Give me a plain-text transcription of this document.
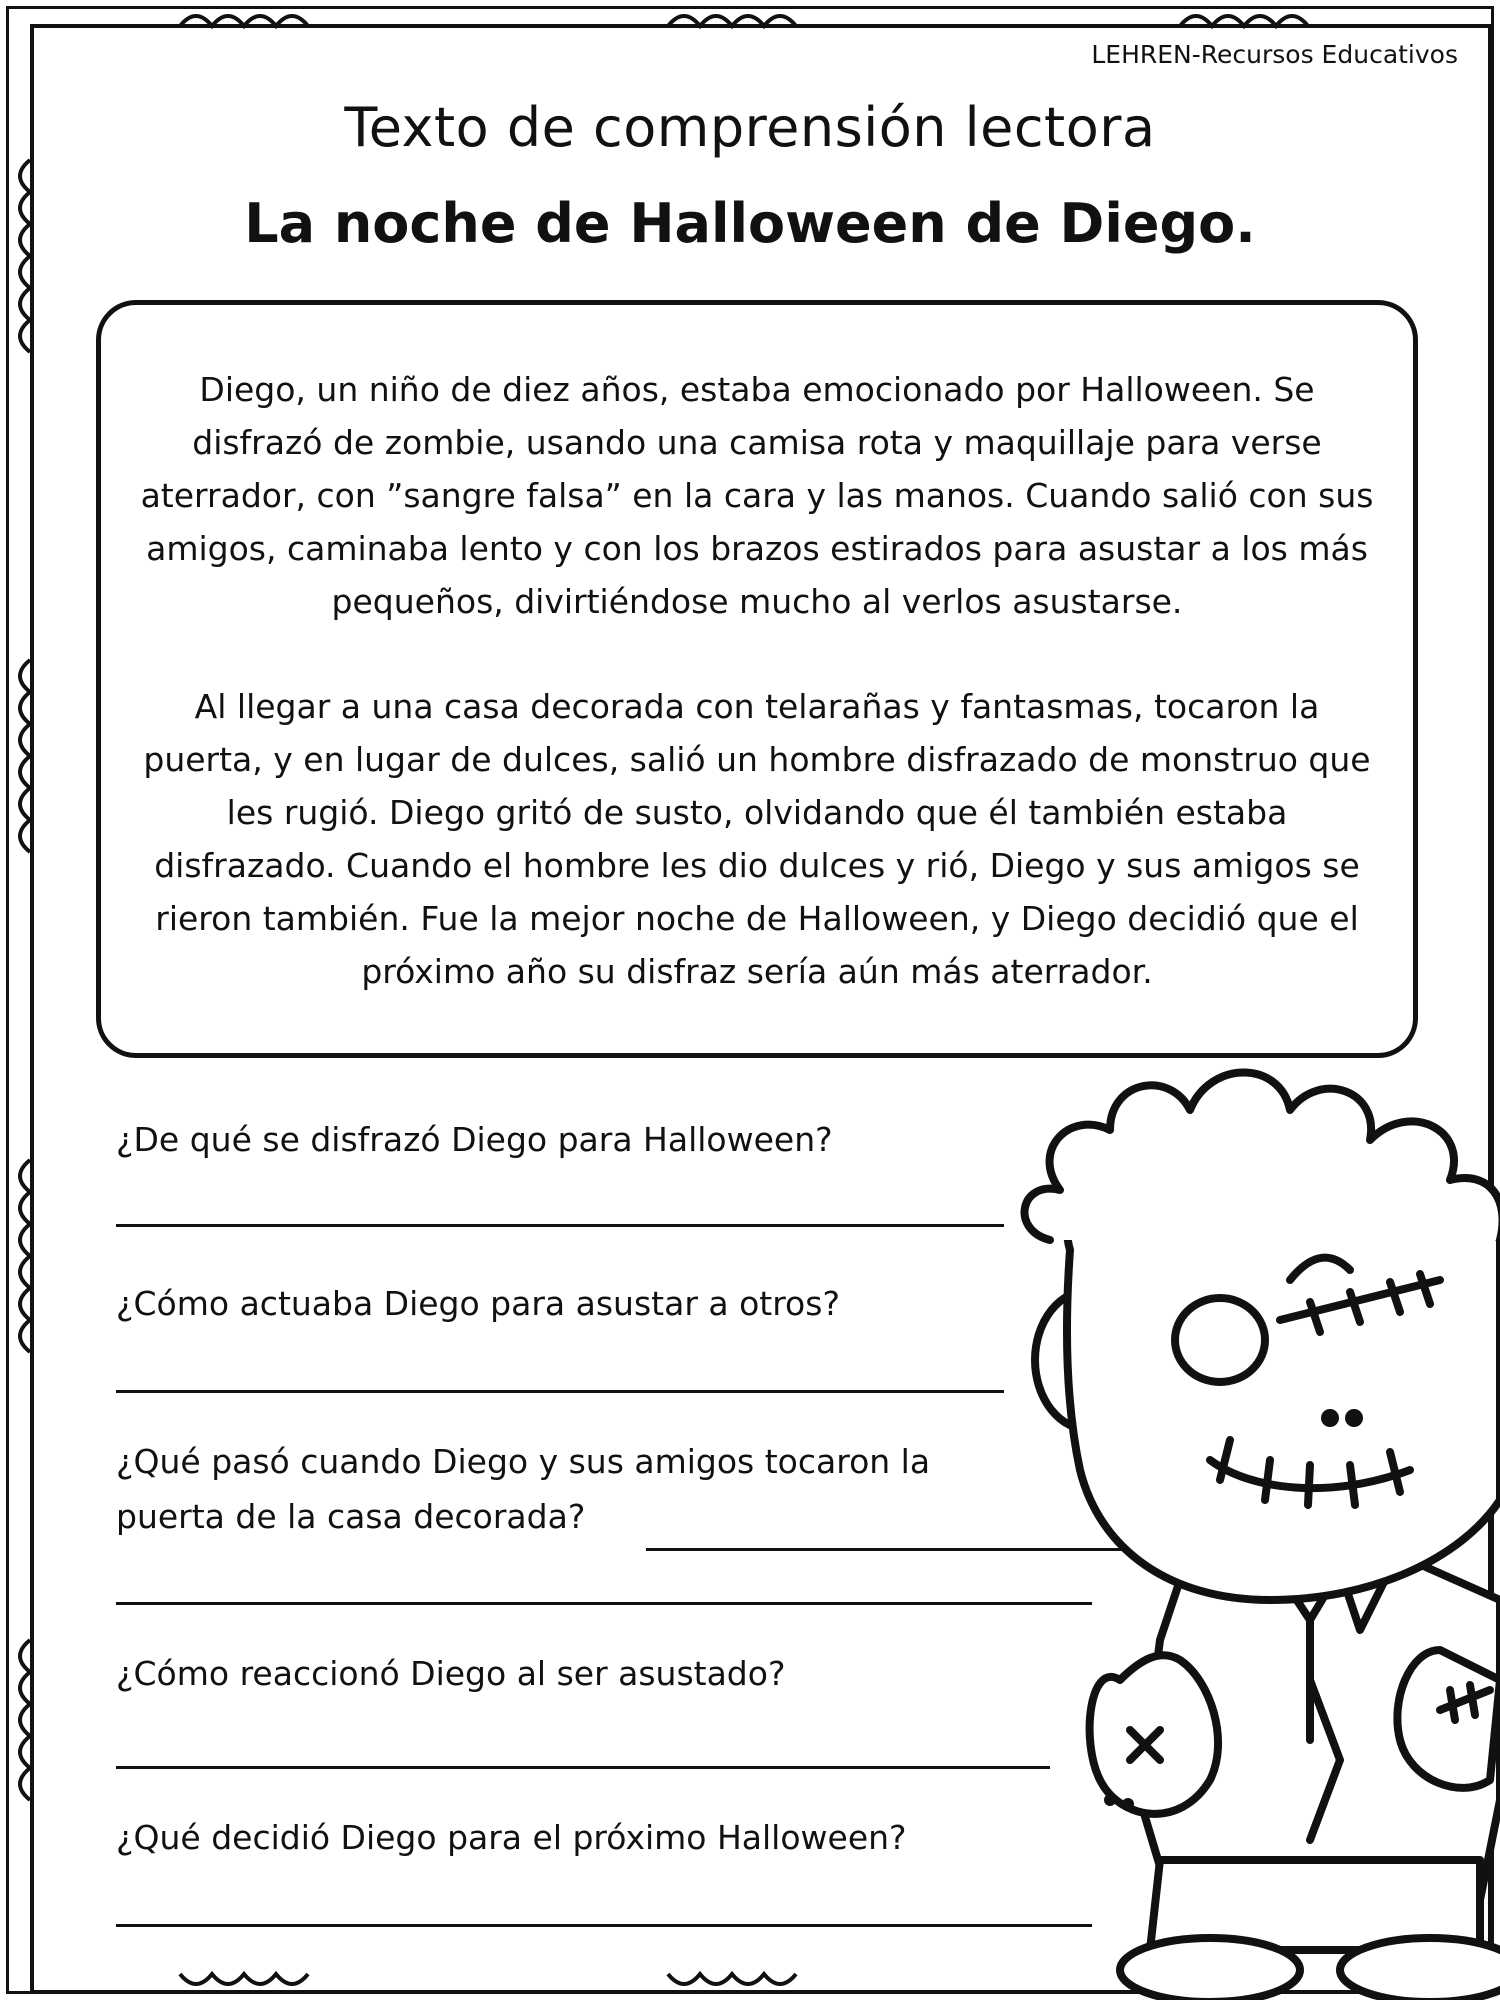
LEHREN-Recursos Educativos
Texto de comprensión lectora
La noche de Halloween de Diego.

Diego, un niño de diez años, estaba emocionado por Halloween. Se disfrazó de zombie, usando una camisa rota y maquillaje para verse aterrador, con ”sangre falsa” en la cara y las manos. Cuando salió con sus amigos, caminaba lento y con los brazos estirados para asustar a los más pequeños, divirtiéndose mucho al verlos asustarse.

Al llegar a una casa decorada con telarañas y fantasmas, tocaron la puerta, y en lugar de dulces, salió un hombre disfrazado de monstruo que les rugió. Diego gritó de susto, olvidando que él también estaba disfrazado. Cuando el hombre les dio dulces y rió, Diego y sus amigos se rieron también. Fue la mejor noche de Halloween, y Diego decidió que el próximo año su disfraz sería aún más aterrador.

¿De qué se disfrazó Diego para Halloween?
¿Cómo actuaba Diego para asustar a otros?
¿Qué pasó cuando Diego y sus amigos tocaron la puerta de la casa decorada?
¿Cómo reaccionó Diego al ser asustado?
¿Qué decidió Diego para el próximo Halloween?
